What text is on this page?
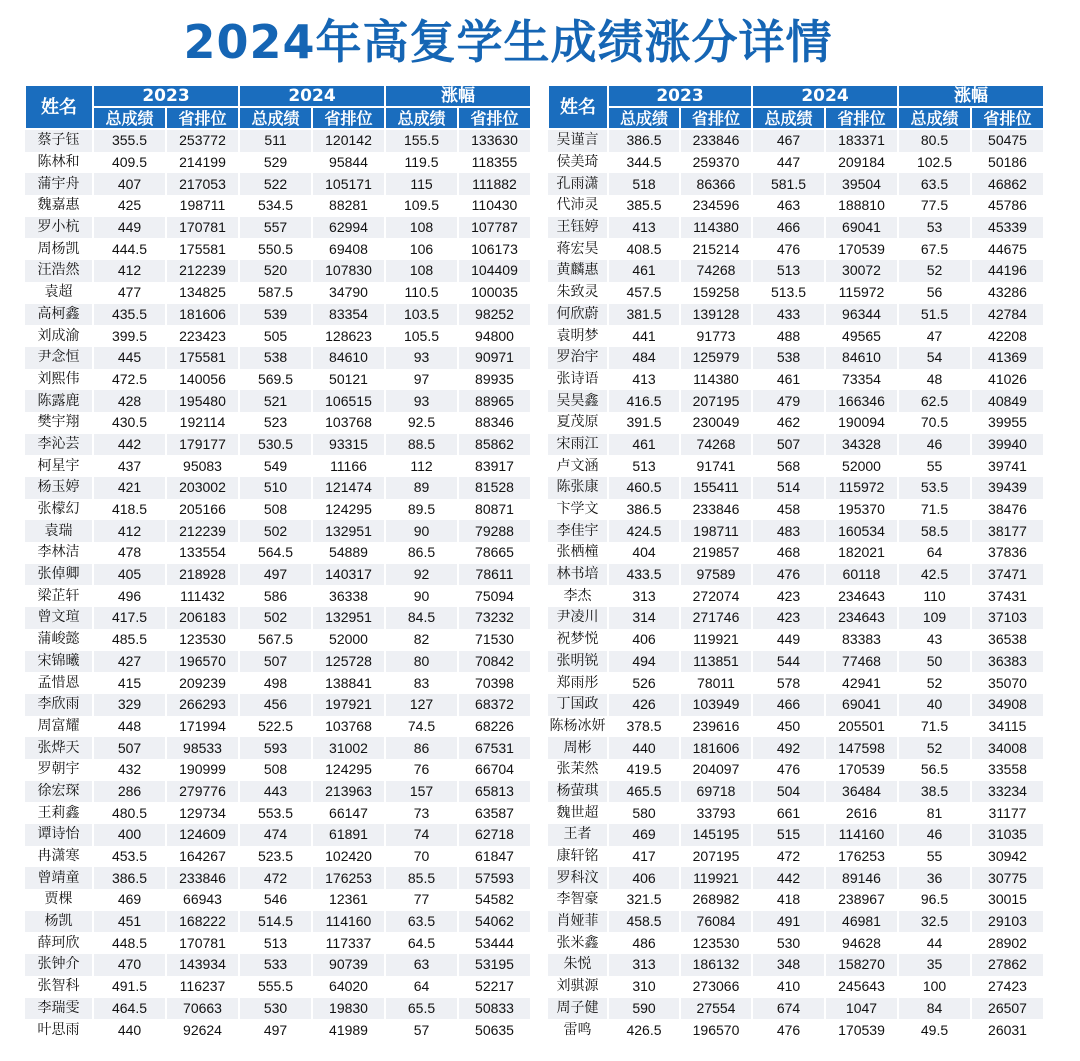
2024年高复学生成绩涨分详情
姓名	2023		2024		涨幅	
	总成绩	省排位	总成绩	省排位	总成绩	省排位
蔡子钰	355.5	253772	511	120142	155.5	133630
陈林和	409.5	214199	529	95844	119.5	118355
蒲宇舟	407	217053	522	105171	115	111882
魏嘉惠	425	198711	534.5	88281	109.5	110430
罗小杭	449	170781	557	62994	108	107787
周杨凯	444.5	175581	550.5	69408	106	106173
汪浩然	412	212239	520	107830	108	104409
袁超	477	134825	587.5	34790	110.5	100035
高柯鑫	435.5	181606	539	83354	103.5	98252
刘成渝	399.5	223423	505	128623	105.5	94800
尹念恒	445	175581	538	84610	93	90971
刘熙伟	472.5	140056	569.5	50121	97	89935
陈露鹿	428	195480	521	106515	93	88965
樊宇翔	430.5	192114	523	103768	92.5	88346
李沁芸	442	179177	530.5	93315	88.5	85862
柯星宇	437	95083	549	11166	112	83917
杨玉婷	421	203002	510	121474	89	81528
张檬幻	418.5	205166	508	124295	89.5	80871
袁瑞	412	212239	502	132951	90	79288
李林洁	478	133554	564.5	54889	86.5	78665
张倬卿	405	218928	497	140317	92	78611
梁芷轩	496	111432	586	36338	90	75094
曾文瑄	417.5	206183	502	132951	84.5	73232
蒲峻懿	485.5	123530	567.5	52000	82	71530
宋锦曦	427	196570	507	125728	80	70842
孟惜恩	415	209239	498	138841	83	70398
李欣雨	329	266293	456	197921	127	68372
周富耀	448	171994	522.5	103768	74.5	68226
张烨天	507	98533	593	31002	86	67531
罗朝宇	432	190999	508	124295	76	66704
徐宏琛	286	279776	443	213963	157	65813
王莉鑫	480.5	129734	553.5	66147	73	63587
谭诗怡	400	124609	474	61891	74	62718
冉潇寒	453.5	164267	523.5	102420	70	61847
曾靖童	386.5	233846	472	176253	85.5	57593
贾棵	469	66943	546	12361	77	54582
杨凯	451	168222	514.5	114160	63.5	54062
薛珂欣	448.5	170781	513	117337	64.5	53444
张钟介	470	143934	533	90739	63	53195
张智科	491.5	116237	555.5	64020	64	52217
李瑞雯	464.5	70663	530	19830	65.5	50833
叶思雨	440	92624	497	41989	57	50635
姓名	2023		2024		涨幅	
	总成绩	省排位	总成绩	省排位	总成绩	省排位
吴谨言	386.5	233846	467	183371	80.5	50475
侯美琦	344.5	259370	447	209184	102.5	50186
孔雨潇	518	86366	581.5	39504	63.5	46862
代沛灵	385.5	234596	463	188810	77.5	45786
王钰婷	413	114380	466	69041	53	45339
蒋宏昊	408.5	215214	476	170539	67.5	44675
黄麟惠	461	74268	513	30072	52	44196
朱致灵	457.5	159258	513.5	115972	56	43286
何欣蔚	381.5	139128	433	96344	51.5	42784
袁明梦	441	91773	488	49565	47	42208
罗治宇	484	125979	538	84610	54	41369
张诗语	413	114380	461	73354	48	41026
吴昊鑫	416.5	207195	479	166346	62.5	40849
夏茂原	391.5	230049	462	190094	70.5	39955
宋雨江	461	74268	507	34328	46	39940
卢文涵	513	91741	568	52000	55	39741
陈张康	460.5	155411	514	115972	53.5	39439
卞学文	386.5	233846	458	195370	71.5	38476
李佳宇	424.5	198711	483	160534	58.5	38177
张栖橦	404	219857	468	182021	64	37836
林书培	433.5	97589	476	60118	42.5	37471
李杰	313	272074	423	234643	110	37431
尹凌川	314	271746	423	234643	109	37103
祝梦悦	406	119921	449	83383	43	36538
张明锐	494	113851	544	77468	50	36383
郑雨彤	526	78011	578	42941	52	35070
丁国政	426	103949	466	69041	40	34908
陈杨冰妍	378.5	239616	450	205501	71.5	34115
周彬	440	181606	492	147598	52	34008
张茉然	419.5	204097	476	170539	56.5	33558
杨萤琪	465.5	69718	504	36484	38.5	33234
魏世超	580	33793	661	2616	81	31177
王者	469	145195	515	114160	46	31035
康轩铭	417	207195	472	176253	55	30942
罗科汶	406	119921	442	89146	36	30775
李智豪	321.5	268982	418	238967	96.5	30015
肖娅菲	458.5	76084	491	46981	32.5	29103
张米鑫	486	123530	530	94628	44	28902
朱悦	313	186132	348	158270	35	27862
刘骐源	310	273066	410	245643	100	27423
周子健	590	27554	674	1047	84	26507
雷鸣	426.5	196570	476	170539	49.5	26031
